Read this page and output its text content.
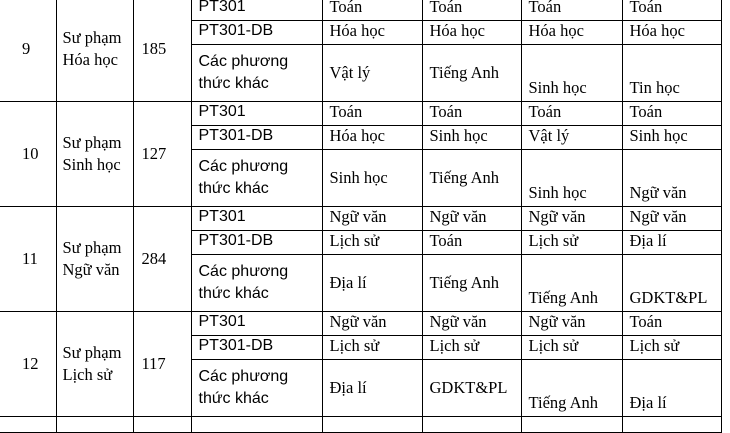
9	Sư phạm Hóa học	185	PT301	Toán	Toán	Toán	Toán
			PT301-DB	Hóa học	Hóa học	Hóa học	Hóa học
			Các phương thức khác	Vật lý	Tiếng Anh	Sinh học	Tin học
10	Sư phạm Sinh học	127	PT301	Toán	Toán	Toán	Toán
			PT301-DB	Hóa học	Sinh học	Vật lý	Sinh học
			Các phương thức khác	Sinh học	Tiếng Anh	Sinh học	Ngữ văn
11	Sư phạm Ngữ văn	284	PT301	Ngữ văn	Ngữ văn	Ngữ văn	Ngữ văn
			PT301-DB	Lịch sử	Toán	Lịch sử	Địa lí
			Các phương thức khác	Địa lí	Tiếng Anh	Tiếng Anh	GDKT&PL
12	Sư phạm Lịch sử	117	PT301	Ngữ văn	Ngữ văn	Ngữ văn	Toán
			PT301-DB	Lịch sử	Lịch sử	Lịch sử	Lịch sử
			Các phương thức khác	Địa lí	GDKT&PL	Tiếng Anh	Địa lí
